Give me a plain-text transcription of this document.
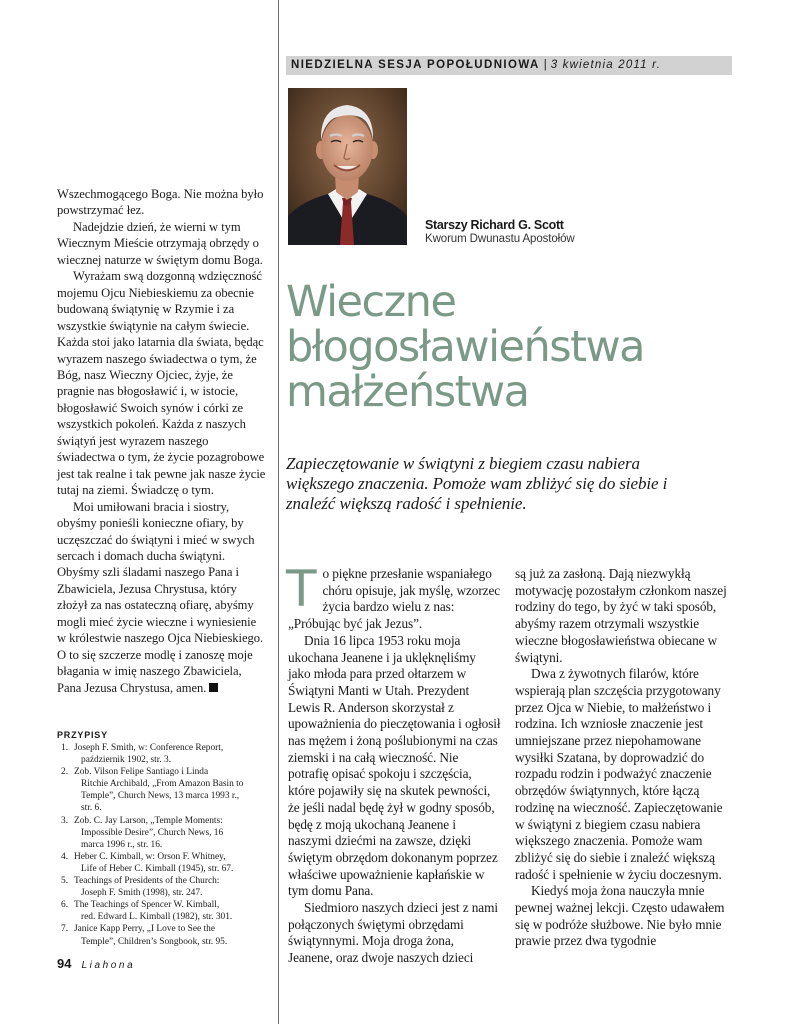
Wszechmogącego Boga. Nie można było powstrzymać łez.

Nadejdzie dzień, że wierni w tym Wiecznym Mieście otrzymają obrzędy o wiecznej naturze w świętym domu Boga.

Wyrażam swą dozgonną wdzięczność mojemu Ojcu Niebieskiemu za obecnie budowaną świątynię w Rzymie i za wszystkie świątynie na całym świecie. Każda stoi jako latarnia dla świata, będąc wyrazem naszego świadectwa o tym, że Bóg, nasz Wieczny Ojciec, żyje, że pragnie nas błogosławić i, w istocie, błogosławić Swoich synów i córki ze wszystkich pokoleń. Każda z naszych świątyń jest wyrazem naszego świadectwa o tym, że życie pozagrobowe jest tak realne i tak pewne jak nasze życie tutaj na ziemi. Świadczę o tym.

Moi umiłowani bracia i siostry, obyśmy ponieśli konieczne ofiary, by uczęszczać do świątyni i mieć w swych sercach i domach ducha świątyni. Obyśmy szli śladami naszego Pana i Zbawiciela, Jezusa Chrystusa, który złożył za nas ostateczną ofiarę, abyśmy mogli mieć życie wieczne i wyniesienie w królestwie naszego Ojca Niebieskiego. O to się szczerze modlę i zanoszę moje błagania w imię naszego Zbawiciela, Pana Jezusa Chrystusa, amen.

PRZYPISY
1. Joseph F. Smith, w: Conference Report,
październik 1902, str. 3.
2. Zob. Vilson Felipe Santiago i Linda
Ritchie Archibald, „From Amazon Basin to
Temple”, Church News, 13 marca 1993 r.,
str. 6.
3. Zob. C. Jay Larson, „Temple Moments:
Impossible Desire”, Church News, 16
marca 1996 r., str. 16.
4. Heber C. Kimball, w: Orson F. Whitney,
Life of Heber C. Kimball (1945), str. 67.
5. Teachings of Presidents of the Church:
Joseph F. Smith (1998), str. 247.
6. The Teachings of Spencer W. Kimball,
red. Edward L. Kimball (1982), str. 301.
7. Janice Kapp Perry, „I Love to See the
Temple”, Children’s Songbook, str. 95.
94 Liahona
NIEDZIELNA SESJA POPOŁUDNIOWA | 3 kwietnia 2011 r.
Starszy Richard G. Scott
Kworum Dwunastu Apostołów
Wieczne błogosławieństwa małżeństwa

Zapieczętowanie w świątyni z biegiem czasu nabiera większego znaczenia. Pomoże wam zbliżyć się do siebie i znaleźć większą radość i spełnienie.

To piękne przesłanie wspaniałego chóru opisuje, jak myślę, wzorzec życia bardzo wielu z nas: „Próbując być jak Jezus”.

Dnia 16 lipca 1953 roku moja ukochana Jeanene i ja uklęknęliśmy jako młoda para przed ołtarzem w Świątyni Manti w Utah. Prezydent Lewis R. Anderson skorzystał z upoważnienia do pieczętowania i ogłosił nas mężem i żoną poślubionymi na czas ziemski i na całą wieczność. Nie potrafię opisać spokoju i szczęścia, które pojawiły się na skutek pewności, że jeśli nadal będę żył w godny sposób, będę z moją ukochaną Jeanene i naszymi dziećmi na zawsze, dzięki świętym obrzędom dokonanym poprzez właściwe upoważnienie kapłańskie w tym domu Pana.

Siedmioro naszych dzieci jest z nami połączonych świętymi obrzędami świątynnymi. Moja droga żona, Jeanene, oraz dwoje naszych dzieci

są już za zasłoną. Dają niezwykłą motywację pozostałym członkom naszej rodziny do tego, by żyć w taki sposób, abyśmy razem otrzymali wszystkie wieczne błogosławieństwa obiecane w świątyni.

Dwa z żywotnych filarów, które wspierają plan szczęścia przygotowany przez Ojca w Niebie, to małżeństwo i rodzina. Ich wzniosłe znaczenie jest umniejszane przez niepohamowane wysiłki Szatana, by doprowadzić do rozpadu rodzin i podważyć znaczenie obrzędów świątynnych, które łączą rodzinę na wieczność. Zapieczętowanie w świątyni z biegiem czasu nabiera większego znaczenia. Pomoże wam zbliżyć się do siebie i znaleźć większą radość i spełnienie w życiu doczesnym.

Kiedyś moja żona nauczyła mnie pewnej ważnej lekcji. Często udawałem się w podróże służbowe. Nie było mnie prawie przez dwa tygodnie
